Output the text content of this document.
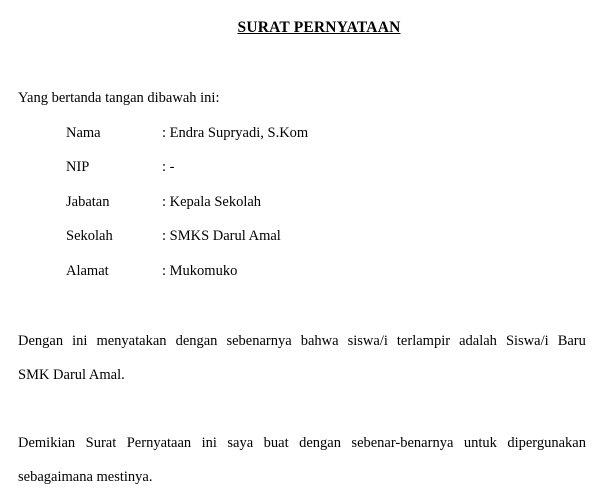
SURAT PERNYATAAN
Yang bertanda tangan dibawah ini:
Nama	: Endra Supryadi, S.Kom
NIP	: -
Jabatan	: Kepala Sekolah
Sekolah	: SMKS Darul Amal
Alamat	: Mukomuko
Dengan ini menyatakan dengan sebenarnya bahwa siswa/i terlampir adalah Siswa/i Baru
SMK Darul Amal.
Demikian Surat Pernyataan ini saya buat dengan sebenar-benarnya untuk dipergunakan
sebagaimana mestinya.
